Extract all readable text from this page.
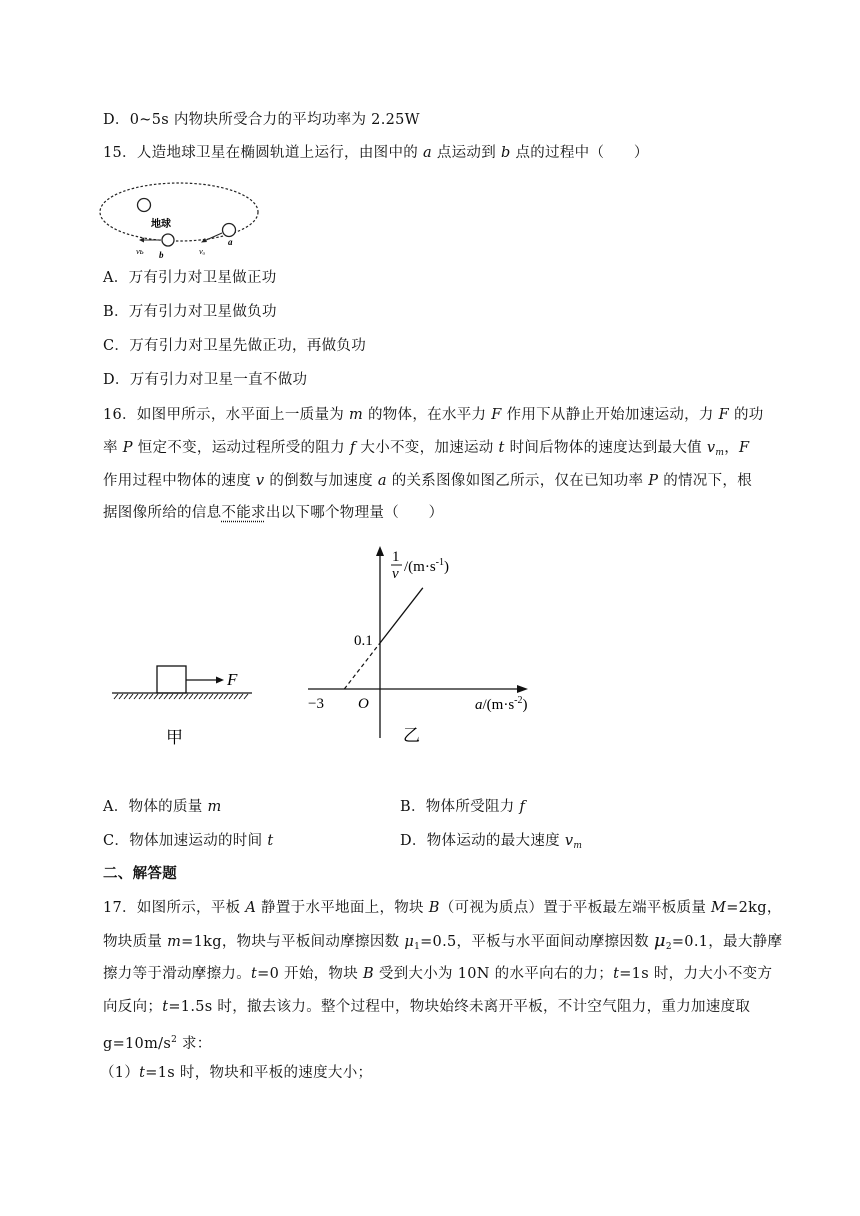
D．0~5s 内物块所受合力的平均功率为 2.25W
15．人造地球卫星在椭圆轨道上运行，由图中的 a 点运动到 b 点的过程中（　　）
地球
vь b	vₐ
a
A．万有引力对卫星做正功
B．万有引力对卫星做负功
C．万有引力对卫星先做正功，再做负功
D．万有引力对卫星一直不做功
16．如图甲所示，水平面上一质量为 m 的物体，在水平力 F 作用下从静止开始加速运动，力 F 的功
率 P 恒定不变，运动过程所受的阻力 f 大小不变，加速运动 t 时间后物体的速度达到最大值 $v_m$，F
作用过程中物体的速度 v 的倒数与加速度 a 的关系图像如图乙所示，仅在已知功率 P 的情况下，根
据图像所给的信息不能求出以下哪个物理量（　　）
F
甲
1
v $/(m\cdot s^{-1})$
$a/(m\cdot s^{-2})$
O
0.1
−3
乙
A．物体的质量 m	B．物体所受阻力 f
C．物体加速运动的时间 t	D．物体运动的最大速度 $v_m$
二、解答题
17．如图所示，平板 A 静置于水平地面上，物块 B（可视为质点）置于平板最左端平板质量 M=2kg，
物块质量 m=1kg，物块与平板间动摩擦因数 $\mu_1=0.5$，平板与水平面间动摩擦因数 $\mu_2=0.1$，最大静摩
擦力等于滑动摩擦力。t=0 开始，物块 B 受到大小为 10N 的水平向右的力；t=1s 时，力大小不变方
向反向；t=1.5s 时，撤去该力。整个过程中，物块始终未离开平板，不计空气阻力，重力加速度取
$g=10m/s^2$ 求：
（1）t=1s 时，物块和平板的速度大小；
